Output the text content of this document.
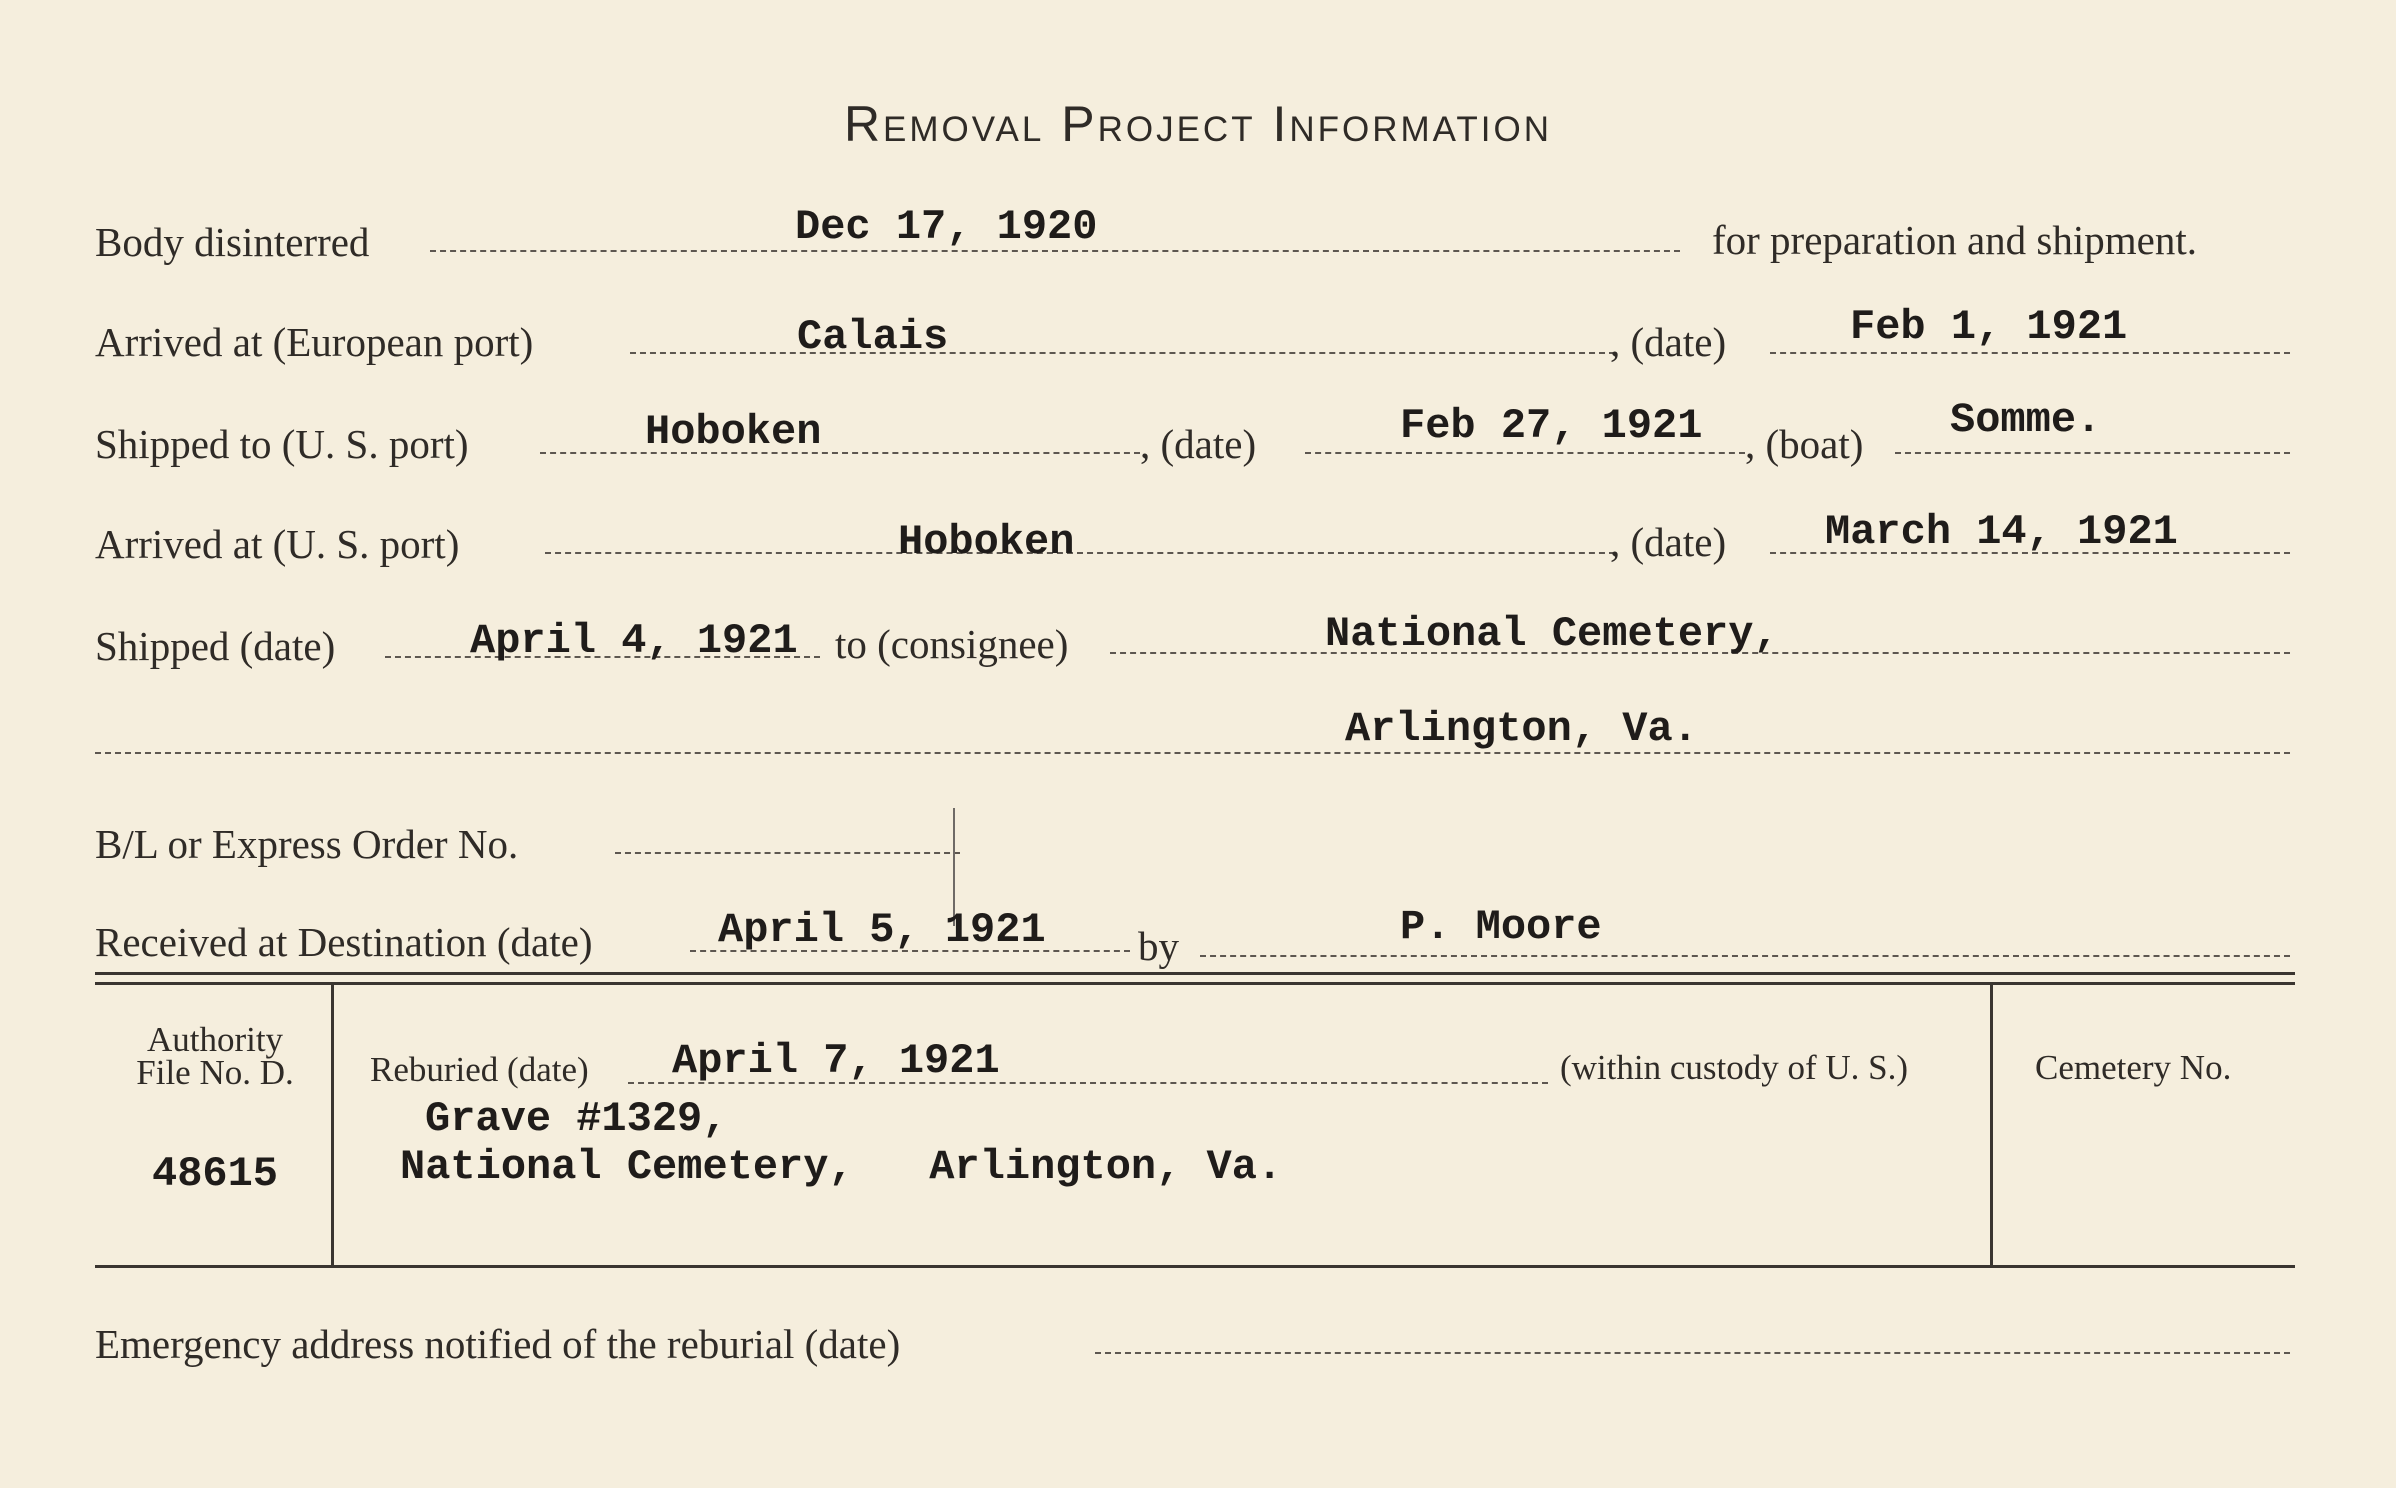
Removal Project Information
Body disinterred	Dec 17, 1920	for preparation and shipment.
Arrived at (European port)	Calais	, (date)	Feb 1, 1921
Shipped to (U. S. port)	Hoboken	, (date)	Feb 27, 1921 , (boat) Somme.
Arrived at (U. S. port)	Hoboken	, (date) March 14, 1921
Shipped (date)	April 4, 1921 to (consignee)	National Cemetery,
Arlington, Va.
B/L or Express Order No.
Received at Destination (date)	April 5, 1921 by	P. Moore
Authority
File No. D.
48615
Reburied (date) April 7, 1921	(within custody of U. S.)
Grave #1329,
National Cemetery,   Arlington, Va.
Cemetery No.
Emergency address notified of the reburial (date)
